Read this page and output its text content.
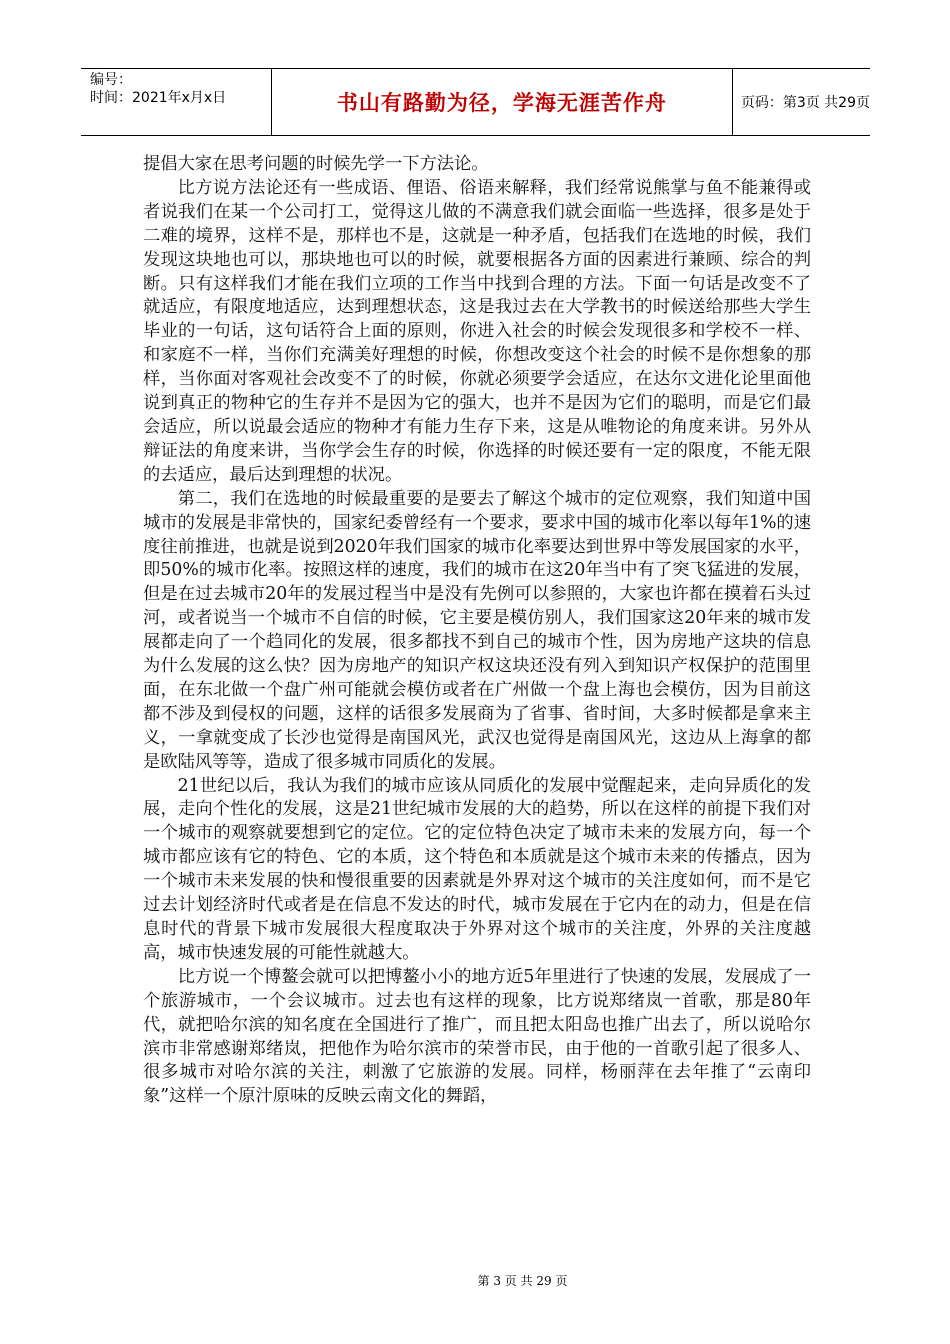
编号：
时间：2021年x月x日	书山有路勤为径，学海无涯苦作舟	页码：第3页 共29页

提倡大家在思考问题的时候先学一下方法论。

比方说方法论还有一些成语、俚语、俗语来解释，我们经常说熊掌与鱼不能兼得或者说我们在某一个公司打工，觉得这儿做的不满意我们就会面临一些选择，很多是处于二难的境界，这样不是，那样也不是，这就是一种矛盾，包括我们在选地的时候，我们发现这块地也可以，那块地也可以的时候，就要根据各方面的因素进行兼顾、综合的判断。只有这样我们才能在我们立项的工作当中找到合理的方法。下面一句话是改变不了就适应，有限度地适应，达到理想状态，这是我过去在大学教书的时候送给那些大学生毕业的一句话，这句话符合上面的原则，你进入社会的时候会发现很多和学校不一样、和家庭不一样，当你们充满美好理想的时候，你想改变这个社会的时候不是你想象的那样，当你面对客观社会改变不了的时候，你就必须要学会适应，在达尔文进化论里面他说到真正的物种它的生存并不是因为它的强大，也并不是因为它们的聪明，而是它们最会适应，所以说最会适应的物种才有能力生存下来，这是从唯物论的角度来讲。另外从辩证法的角度来讲，当你学会生存的时候，你选择的时候还要有一定的限度，不能无限的去适应，最后达到理想的状况。

第二，我们在选地的时候最重要的是要去了解这个城市的定位观察，我们知道中国城市的发展是非常快的，国家纪委曾经有一个要求，要求中国的城市化率以每年1%的速度往前推进，也就是说到2020年我们国家的城市化率要达到世界中等发展国家的水平，即50%的城市化率。按照这样的速度，我们的城市在这20年当中有了突飞猛进的发展，但是在过去城市20年的发展过程当中是没有先例可以参照的，大家也许都在摸着石头过河，或者说当一个城市不自信的时候，它主要是模仿别人，我们国家这20年来的城市发展都走向了一个趋同化的发展，很多都找不到自己的城市个性，因为房地产这块的信息为什么发展的这么快？因为房地产的知识产权这块还没有列入到知识产权保护的范围里面，在东北做一个盘广州可能就会模仿或者在广州做一个盘上海也会模仿，因为目前这都不涉及到侵权的问题，这样的话很多发展商为了省事、省时间，大多时候都是拿来主义，一拿就变成了长沙也觉得是南国风光，武汉也觉得是南国风光，这边从上海拿的都是欧陆风等等，造成了很多城市同质化的发展。

21世纪以后，我认为我们的城市应该从同质化的发展中觉醒起来，走向异质化的发展，走向个性化的发展，这是21世纪城市发展的大的趋势，所以在这样的前提下我们对一个城市的观察就要想到它的定位。它的定位特色决定了城市未来的发展方向，每一个城市都应该有它的特色、它的本质，这个特色和本质就是这个城市未来的传播点，因为一个城市未来发展的快和慢很重要的因素就是外界对这个城市的关注度如何，而不是它过去计划经济时代或者是在信息不发达的时代，城市发展在于它内在的动力，但是在信息时代的背景下城市发展很大程度取决于外界对这个城市的关注度，外界的关注度越高，城市快速发展的可能性就越大。

比方说一个博鳌会就可以把博鳌小小的地方近5年里进行了快速的发展，发展成了一个旅游城市，一个会议城市。过去也有这样的现象，比方说郑绪岚一首歌，那是80年代，就把哈尔滨的知名度在全国进行了推广，而且把太阳岛也推广出去了，所以说哈尔滨市非常感谢郑绪岚，把他作为哈尔滨市的荣誉市民，由于他的一首歌引起了很多人、很多城市对哈尔滨的关注，刺激了它旅游的发展。同样，杨丽萍在去年推了“云南印象”这样一个原汁原味的反映云南文化的舞蹈，

第 3 页 共 29 页
